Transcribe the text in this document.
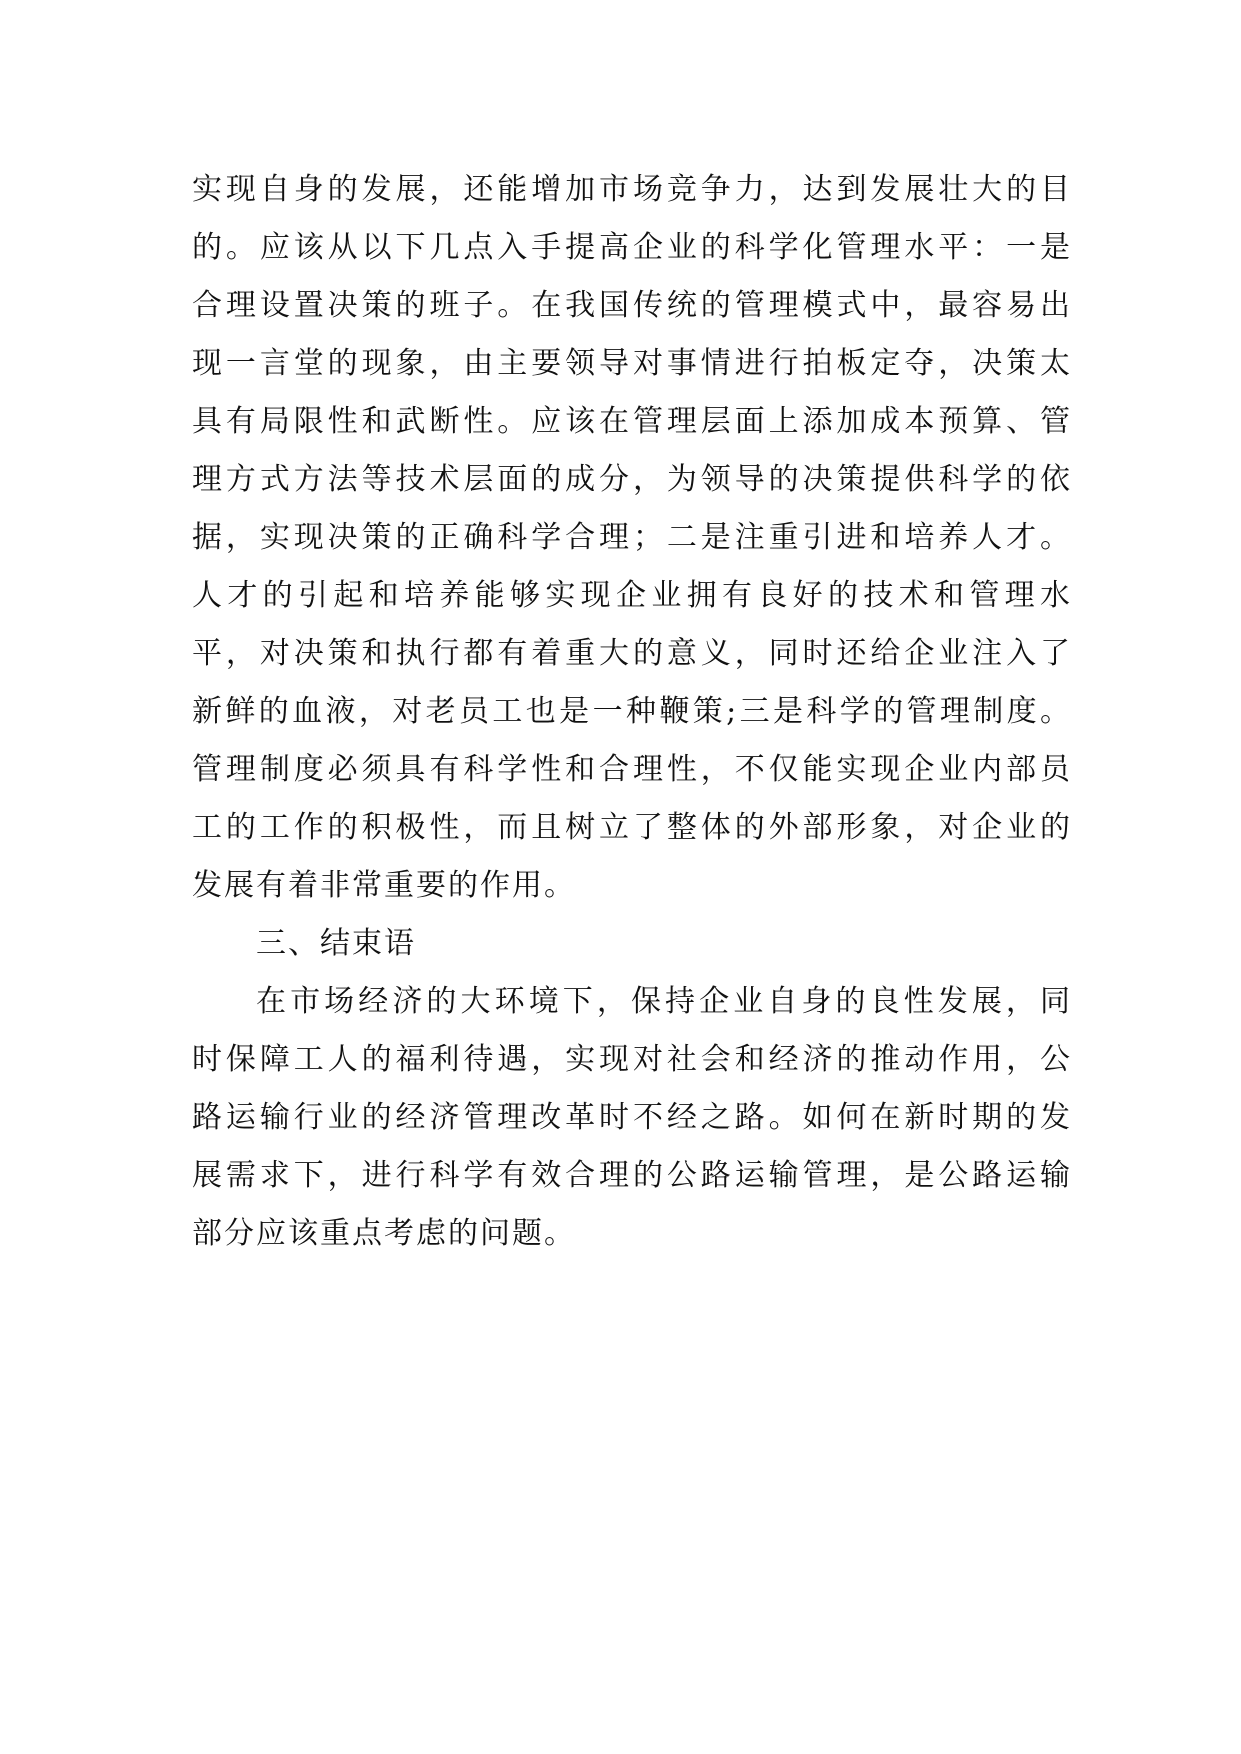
实现自身的发展，还能增加市场竞争力，达到发展壮大的目
的。应该从以下几点入手提高企业的科学化管理水平：一是
合理设置决策的班子。在我国传统的管理模式中，最容易出
现一言堂的现象，由主要领导对事情进行拍板定夺，决策太
具有局限性和武断性。应该在管理层面上添加成本预算、管
理方式方法等技术层面的成分，为领导的决策提供科学的依
据，实现决策的正确科学合理；二是注重引进和培养人才。
人才的引起和培养能够实现企业拥有良好的技术和管理水
平，对决策和执行都有着重大的意义，同时还给企业注入了
新鲜的血液，对老员工也是一种鞭策;三是科学的管理制度。
管理制度必须具有科学性和合理性，不仅能实现企业内部员
工的工作的积极性，而且树立了整体的外部形象，对企业的
发展有着非常重要的作用。
三、结束语
在市场经济的大环境下，保持企业自身的良性发展，同
时保障工人的福利待遇，实现对社会和经济的推动作用，公
路运输行业的经济管理改革时不经之路。如何在新时期的发
展需求下，进行科学有效合理的公路运输管理，是公路运输
部分应该重点考虑的问题。
